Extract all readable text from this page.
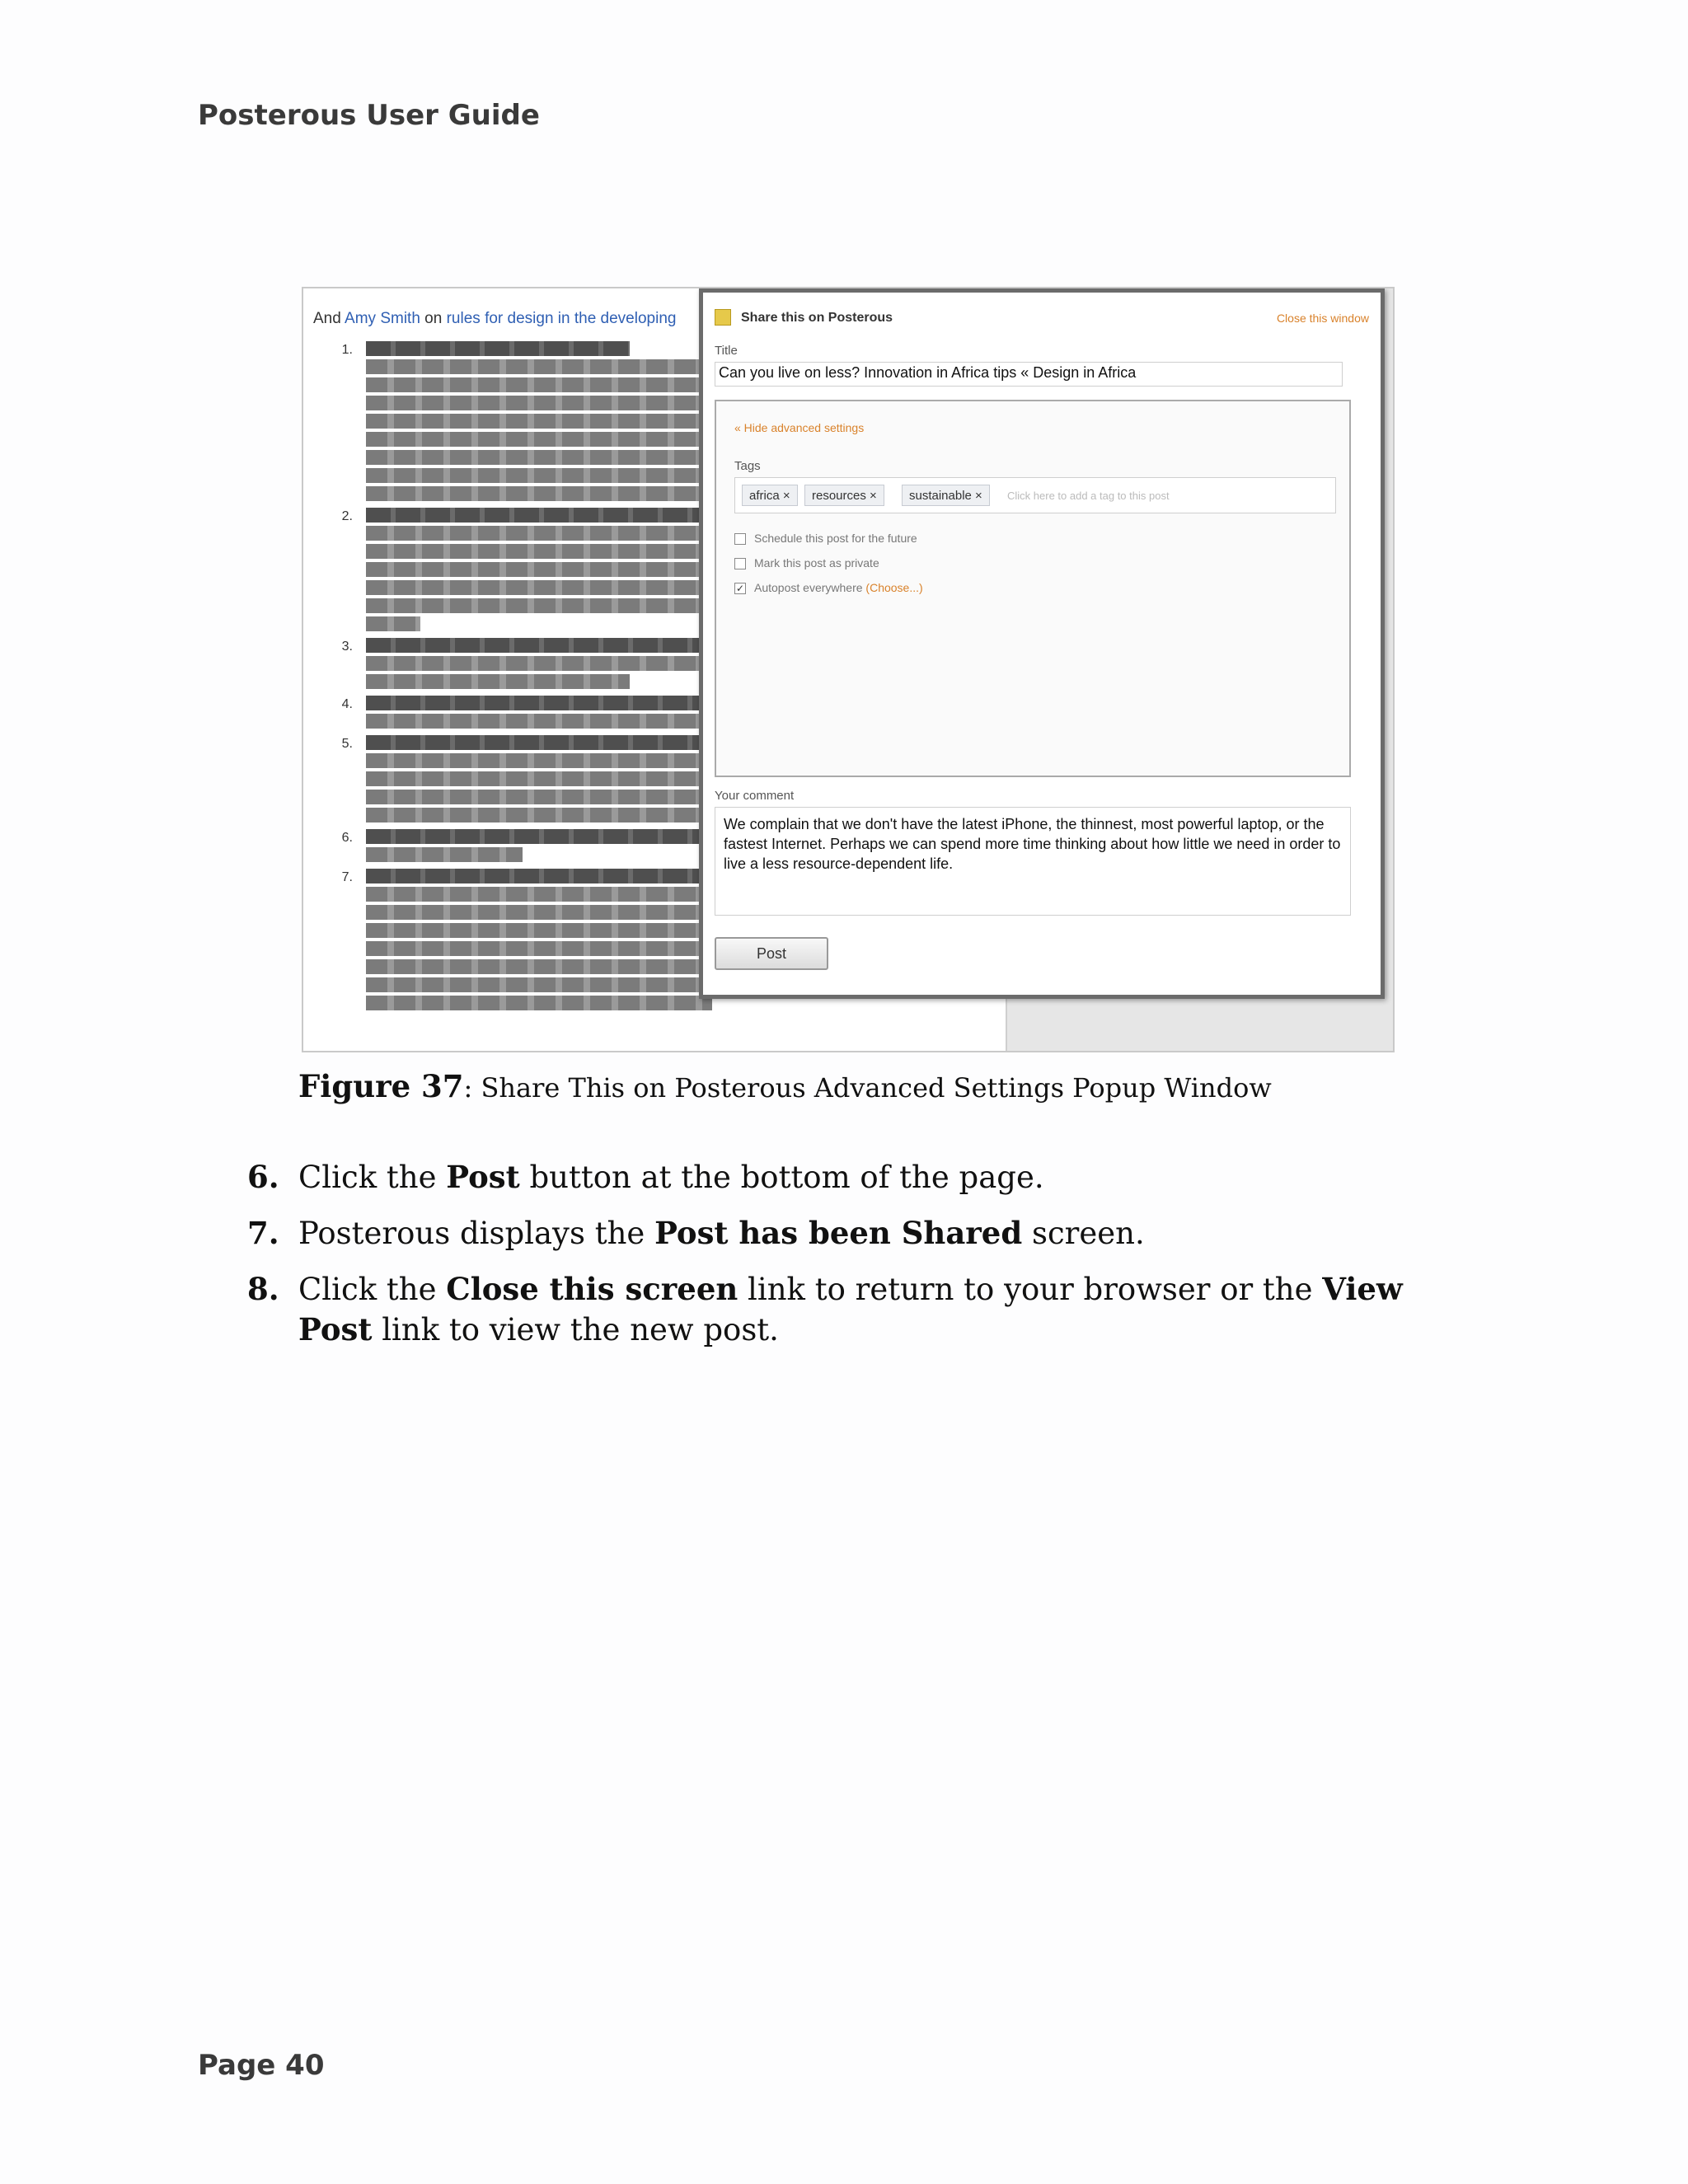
Posterous User Guide
And Amy Smith on rules for design in the developing
1.
2.
3.
4.
5.
6.
7.
Share this on Posterous	Close this window
Title
Can you live on less? Innovation in Africa tips « Design in Africa
« Hide advanced settings
Tags
africa ×	resources ×	sustainable ×	Click here to add a tag to this post
Schedule this post for the future
Mark this post as private
✓ Autopost everywhere (Choose...)
Your comment
We complain that we don't have the latest iPhone, the thinnest, most powerful laptop, or the fastest Internet. Perhaps we can spend more time thinking about how little we need in order to live a less resource-dependent life.
Post
Figure 37: Share This on Posterous Advanced Settings Popup Window
6. Click the Post button at the bottom of the page.
7. Posterous displays the Post has been Shared screen.
8. Click the Close this screen link to return to your browser or the View Post link to view the new post.
Page 40
